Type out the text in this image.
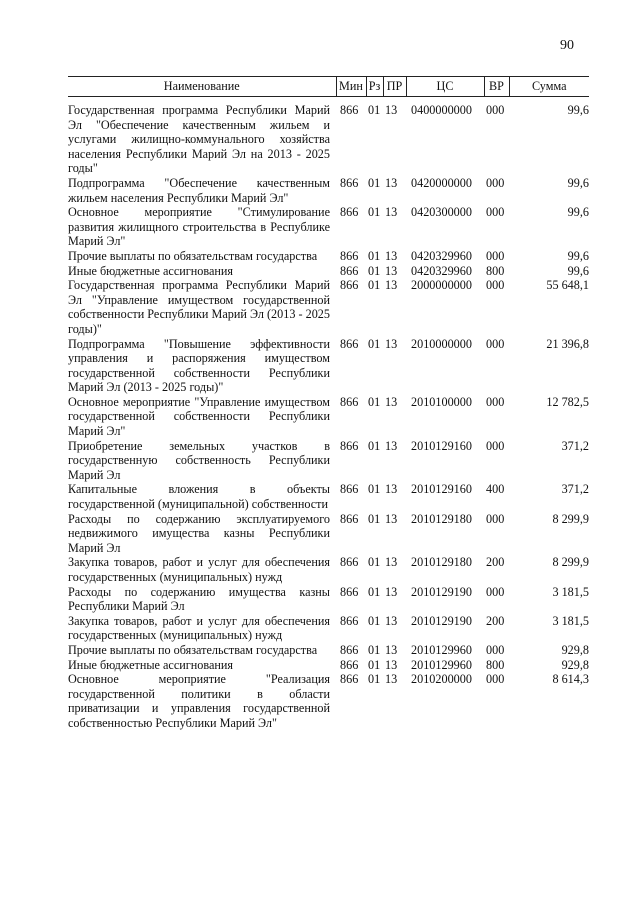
90
Наименование	Мин	Рз	ПР	ЦС	ВР	Сумма
Государственная программа Республики Марий Эл "Обеспечение качественным жильем и услугами жилищно-коммунального хозяйства населения Республики Марий Эл на 2013 - 2025 годы"	866	01	13	0400000000	000	99,6
Подпрограмма "Обеспечение качественным жильем населения Республики Марий Эл"	866	01	13	0420000000	000	99,6
Основное мероприятие "Стимулирование развития жилищного строительства в Республике Марий Эл"	866	01	13	0420300000	000	99,6
Прочие выплаты по обязательствам государства	866	01	13	0420329960	000	99,6
Иные бюджетные ассигнования	866	01	13	0420329960	800	99,6
Государственная программа Республики Марий Эл "Управление имуществом государственной собственности Республики Марий Эл (2013 - 2025 годы)"	866	01	13	2000000000	000	55 648,1
Подпрограмма "Повышение эффективности управления и распоряжения имуществом государственной собственности Республики Марий Эл (2013 - 2025 годы)"	866	01	13	2010000000	000	21 396,8
Основное мероприятие "Управление имуществом государственной собственности Республики Марий Эл"	866	01	13	2010100000	000	12 782,5
Приобретение земельных участков в государственную собственность Республики Марий Эл	866	01	13	2010129160	000	371,2
Капитальные вложения в объекты государственной (муниципальной) собственности	866	01	13	2010129160	400	371,2
Расходы по содержанию эксплуатируемого недвижимого имущества казны Республики Марий Эл	866	01	13	2010129180	000	8 299,9
Закупка товаров, работ и услуг для обеспечения государственных (муниципальных) нужд	866	01	13	2010129180	200	8 299,9
Расходы по содержанию имущества казны Республики Марий Эл	866	01	13	2010129190	000	3 181,5
Закупка товаров, работ и услуг для обеспечения государственных (муниципальных) нужд	866	01	13	2010129190	200	3 181,5
Прочие выплаты по обязательствам государства	866	01	13	2010129960	000	929,8
Иные бюджетные ассигнования	866	01	13	2010129960	800	929,8
Основное мероприятие "Реализация государственной политики в области приватизации и управления государственной собственностью Республики Марий Эл"	866	01	13	2010200000	000	8 614,3
